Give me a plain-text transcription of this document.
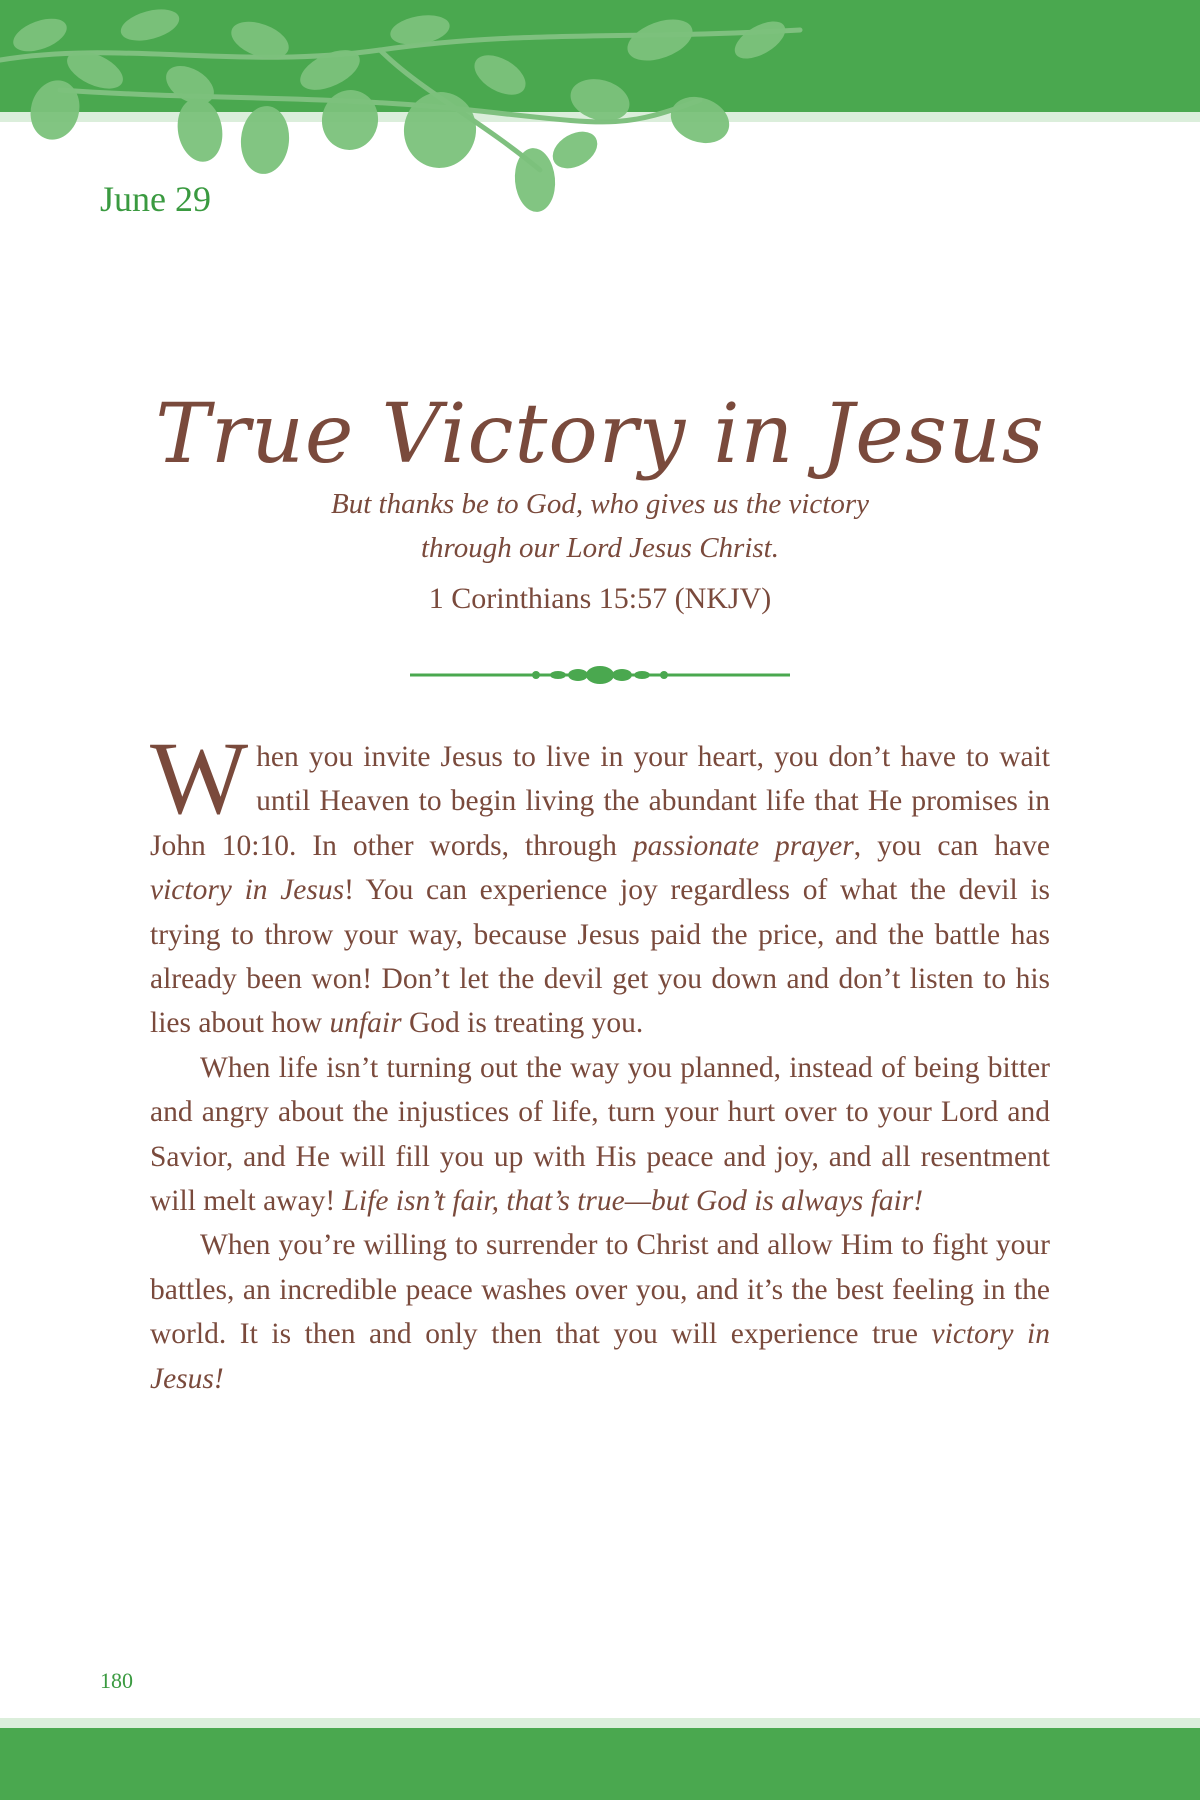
June 29
True Victory in Jesus
But thanks be to God, who gives us the victory
through our Lord Jesus Christ.
1 Corinthians 15:57 (NKJV)

When you invite Jesus to live in your heart, you don’t have to wait until Heaven to begin living the abundant life that He promises in John 10:10. In other words, through passionate prayer, you can have victory in Jesus! You can experience joy regardless of what the devil is trying to throw your way, because Jesus paid the price, and the battle has already been won! Don’t let the devil get you down and don’t listen to his lies about how unfair God is treating you.

When life isn’t turning out the way you planned, instead of being bitter and angry about the injustices of life, turn your hurt over to your Lord and Savior, and He will fill you up with His peace and joy, and all resentment will melt away! Life isn’t fair, that’s true—but God is always fair!

When you’re willing to surrender to Christ and allow Him to fight your battles, an incredible peace washes over you, and it’s the best feeling in the world. It is then and only then that you will experience true victory in Jesus!

180
